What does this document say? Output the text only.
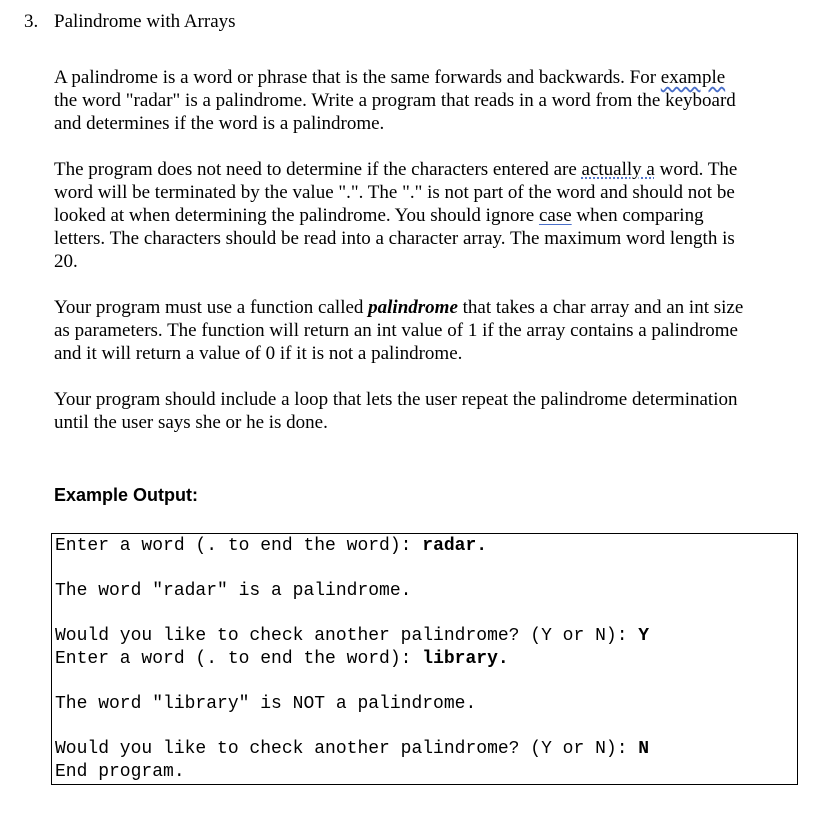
3. Palindrome with Arrays

A palindrome is a word or phrase that is the same forwards and backwards. For example
the word "radar" is a palindrome. Write a program that reads in a word from the keyboard
and determines if the word is a palindrome.

The program does not need to determine if the characters entered are actually a word. The
word will be terminated by the value ".". The "." is not part of the word and should not be
looked at when determining the palindrome. You should ignore case when comparing
letters. The characters should be read into a character array. The maximum word length is
20.

Your program must use a function called palindrome that takes a char array and an int size
as parameters. The function will return an int value of 1 if the array contains a palindrome
and it will return a value of 0 if it is not a palindrome.

Your program should include a loop that lets the user repeat the palindrome determination
until the user says she or he is done.

Example Output:
Enter a word (. to end the word): radar.
The word "radar" is a palindrome.
Would you like to check another palindrome? (Y or N): Y
Enter a word (. to end the word): library.
The word "library" is NOT a palindrome.
Would you like to check another palindrome? (Y or N): N
End program.
